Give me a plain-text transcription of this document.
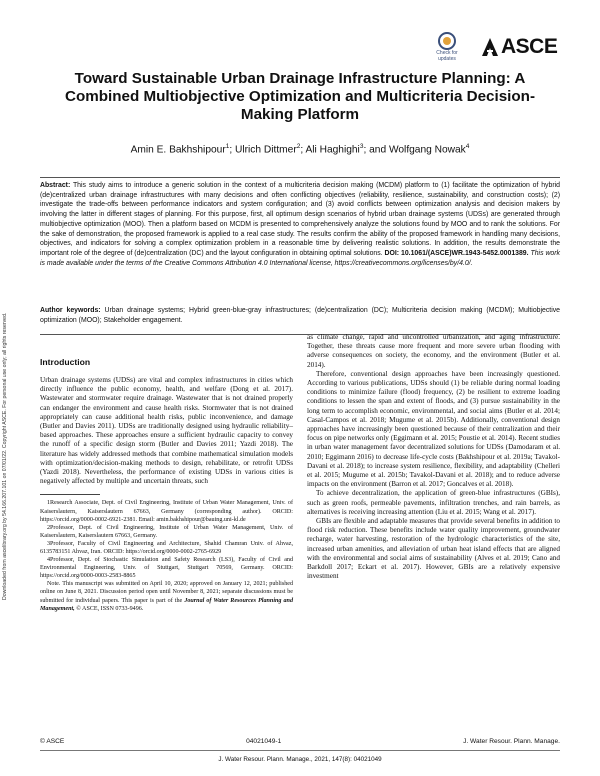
Downloaded from ascelibrary.org by 54.166.207.101 on 07/01/22. Copyright ASCE. For personal use only; all rights reserved.
Check for
updates
ASCE
Toward Sustainable Urban Drainage Infrastructure Planning: A Combined Multiobjective Optimization and Multicriteria Decision-Making Platform
Amin E. Bakhshipour$^1$; Ulrich Dittmer$^2$; Ali Haghighi$^3$; and Wolfgang Nowak$^4$

Abstract: This study aims to introduce a generic solution in the context of a multicriteria decision making (MCDM) platform to (1) facilitate the optimization of hybrid (de)centralized urban drainage infrastructures with many decisions and often conflicting objectives (reliability, resilience, sustainability, and construction costs); (2) investigate the trade-offs between performance indicators and system configuration; and (3) avoid conflicts between optimization analysis and decision makers by involving the latter in different stages of planning. For this purpose, first, all optimum design scenarios of hybrid urban drainage systems (UDSs) are generated through multiobjective optimization (MOO). Then a platform based on MCDM is presented to comprehensively analyze the solutions found by MOO and to rank the solutions. For the sake of demonstration, the proposed framework is applied to a real case study. The results confirm the ability of the proposed framework in handling many decisions, objectives, and indicators for solving a complex optimization problem in a reasonable time by delivering realistic solutions. In addition, the results demonstrate the important role of the degree of (de)centralization (DC) and the layout configuration in obtaining optimal solutions. DOI: 10.1061/(ASCE)WR.1943-5452.0001389. This work is made available under the terms of the Creative Commons Attribution 4.0 International license, https://creativecommons.org/licenses/by/4.0/.

Author keywords: Urban drainage systems; Hybrid green-blue-gray infrastructures; (de)centralization (DC); Multicriteria decision making (MCDM); Multiobjective optimization (MOO); Stakeholder engagement.

Introduction

Urban drainage systems (UDSs) are vital and complex infrastructures in cities which directly influence the public economy, health, and welfare (Dong et al. 2017). Wastewater and stormwater require drainage. Wastewater that is not drained properly can endanger the environment and cause health risks. Stormwater that is not drained appropriately can cause additional health risks, public inconvenience, and damage (Butler and Davies 2011). UDSs are traditionally designed using hydraulic reliability–based approaches. These approaches ensure a sufficient hydraulic capacity to convey the runoff of a specific design storm (Butler and Davies 2011; Yazdi 2018). The literature has widely addressed methods that combine mathematical simulation models with optimization/decision-making methods to design, rehabilitate, or retrofit UDSs (Yazdi 2018). Nevertheless, the performance of existing UDSs in various cities is negatively affected by multiple and uncertain threats, such

1Research Associate, Dept. of Civil Engineering, Institute of Urban Water Management, Univ. of Kaiserslautern, Kaiserslautern 67663, Germany (corresponding author). ORCID: https://orcid.org/0000-0002-6921-2381. Email: amin.bakhshipour@bauing.uni-kl.de

2Professor, Dept. of Civil Engineering, Institute of Urban Water Management, Univ. of Kaiserslautern, Kaiserslautern 67663, Germany.

3Professor, Faculty of Civil Engineering and Architecture, Shahid Chamran Univ. of Ahvaz, 6135783151 Ahvaz, Iran. ORCID: https://orcid.org/0000-0002-2765-6929

4Professor, Dept. of Stochastic Simulation and Safety Research (LS3), Faculty of Civil and Environmental Engineering, Univ. of Stuttgart, Stuttgart 70569, Germany. ORCID: https://orcid.org/0000-0003-2583-8865

Note. This manuscript was submitted on April 10, 2020; approved on January 12, 2021; published online on June 8, 2021. Discussion period open until November 8, 2021; separate discussions must be submitted for individual papers. This paper is part of the Journal of Water Resources Planning and Management, © ASCE, ISSN 0733-9496.

as climate change, rapid and uncontrolled urbanization, and aging infrastructure. Together, these threats cause more frequent and more severe urban flooding with adverse consequences on society, the economy, and the environment (Butler et al. 2014).

Therefore, conventional design approaches have been increasingly questioned. According to various publications, UDSs should (1) be reliable during normal loading conditions to minimize failure (flood) frequency, (2) be resilient to extreme loading conditions to lessen the span and extent of floods, and (3) pursue sustainability in the long term to accomplish economic, environmental, and social aims (Butler et al. 2014; Casal-Campos et al. 2018; Mugume et al. 2015b). Additionally, conventional design approaches have increasingly been questioned because of their centralization and their focus on pipe networks only (Eggimann et al. 2015; Poustie et al. 2014). Recent studies in urban water management favor decentralized solutions for UDSs (Damodaram et al. 2010; Eggimann 2016) to decrease life-cycle costs (Bakhshipour et al. 2019a; Tavakol-Davani et al. 2018); to increase system resilience, flexibility, and adaptability (Chelleri et al. 2015; Mugume et al. 2015b; Tavakol-Davani et al. 2018); and to reduce adverse impacts on the environment (Barron et al. 2017; Goncalves et al. 2018).

To achieve decentralization, the application of green-blue infrastructures (GBIs), such as green roofs, permeable pavements, infiltration trenches, and rain barrels, as alternatives is receiving increasing attention (Liu et al. 2015; Wang et al. 2017).

GBIs are flexible and adaptable measures that provide several benefits in addition to flood risk reduction. These benefits include water quality improvement, groundwater recharge, water harvesting, restoration of the hydrologic characteristics of the site, increased urban amenities, and alleviation of urban heat island effects that are aligned with the environmental and social aims of sustainability (Alves et al. 2019; Cano and Barkdoll 2017; Eckart et al. 2017). However, GBIs are a relatively expensive investment

© ASCE	04021049-1	J. Water Resour. Plann. Manage.
J. Water Resour. Plann. Manage., 2021, 147(8): 04021049
